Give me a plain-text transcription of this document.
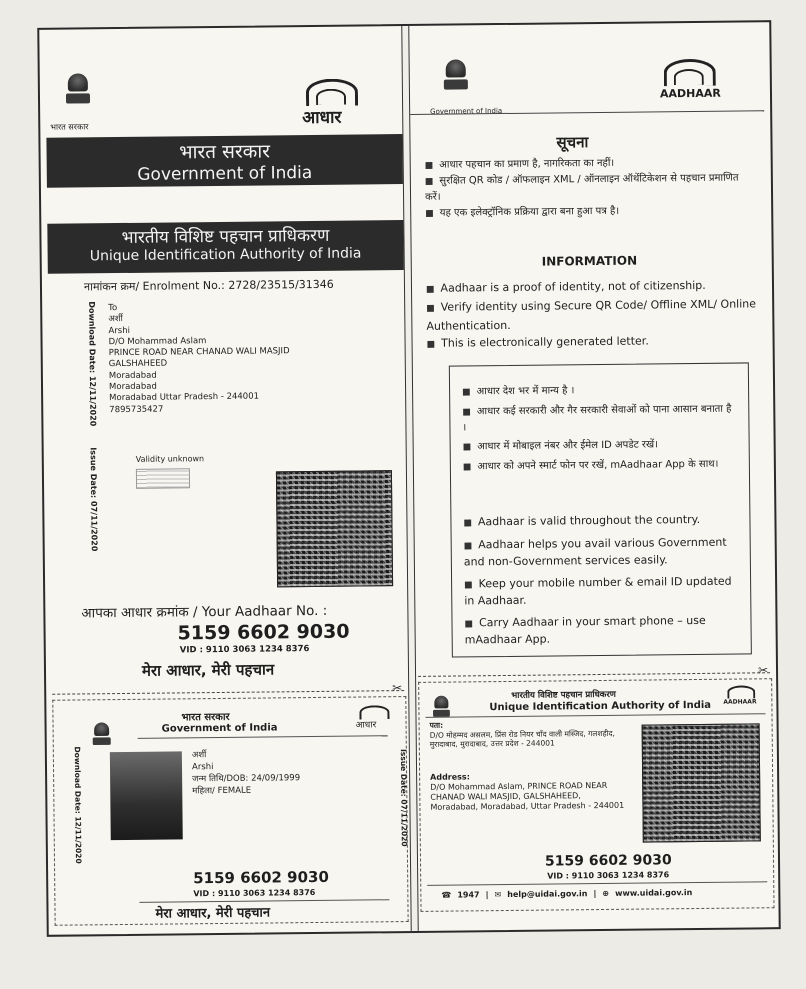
भारत सरकार	आधार
भारत सरकार
Government of India
भारतीय विशिष्ट पहचान प्राधिकरण
Unique Identification Authority of India
नामांकन क्रम/ Enrolment No.: 2728/23515/31346
Download Date: 12/11/2020
Issue Date: 07/11/2020
To
अर्शी
Arshi
D/O Mohammad Aslam
PRINCE ROAD NEAR CHANAD WALI MASJID
GALSHAHEED
Moradabad
Moradabad
Moradabad Uttar Pradesh - 244001
7895735427
Validity unknown
आपका आधार क्रमांक / Your Aadhaar No. :
5159 6602 9030
VID : 9110 3063 1234 8376
मेरा आधार, मेरी पहचान
Government of India
AADHAAR
सूचना
■ आधार पहचान का प्रमाण है, नागरिकता का नहीं।
■ सुरक्षित QR कोड / ऑफलाइन XML / ऑनलाइन ऑथेंटिकेशन से पहचान प्रमाणित करें।
■ यह एक इलेक्ट्रॉनिक प्रक्रिया द्वारा बना हुआ पत्र है।
INFORMATION
■ Aadhaar is a proof of identity, not of citizenship.
■ Verify identity using Secure QR Code/ Offline XML/ Online Authentication.
■ This is electronically generated letter.
■ आधार देश भर में मान्य है ।
■ आधार कई सरकारी और गैर सरकारी सेवाओं को पाना आसान बनाता है ।
■ आधार में मोबाइल नंबर और ईमेल ID अपडेट रखें।
■ आधार को अपने स्मार्ट फोन पर रखें, mAadhaar App के साथ।
■ Aadhaar is valid throughout the country.
■ Aadhaar helps you avail various Government and non-Government services easily.
■ Keep your mobile number & email ID updated in Aadhaar.
■ Carry Aadhaar in your smart phone – use mAadhaar App.
✂
✂
भारत सरकार
Government of India	आधार
Download Date: 12/11/2020	Issue Date: 07/11/2020
अर्शी
Arshi
जन्म तिथि/DOB: 24/09/1999
महिला/ FEMALE
5159 6602 9030
VID : 9110 3063 1234 8376
मेरा आधार, मेरी पहचान
भारतीय विशिष्ट पहचान प्राधिकरण
Unique Identification Authority of India AADHAAR
पता:
D/O मोहम्मद असलम, प्रिंस रोड नियर चाँद वाली मस्जिद, गलशहीद, मुरादाबाद, मुरादाबाद, उत्तर प्रदेश - 244001
Address:
D/O Mohammad Aslam, PRINCE ROAD NEAR CHANAD WALI MASJID, GALSHAHEED, Moradabad, Moradabad, Uttar Pradesh - 244001
5159 6602 9030
VID : 9110 3063 1234 8376
☎ 1947 | ✉ help@uidai.gov.in | ⊕ www.uidai.gov.in
